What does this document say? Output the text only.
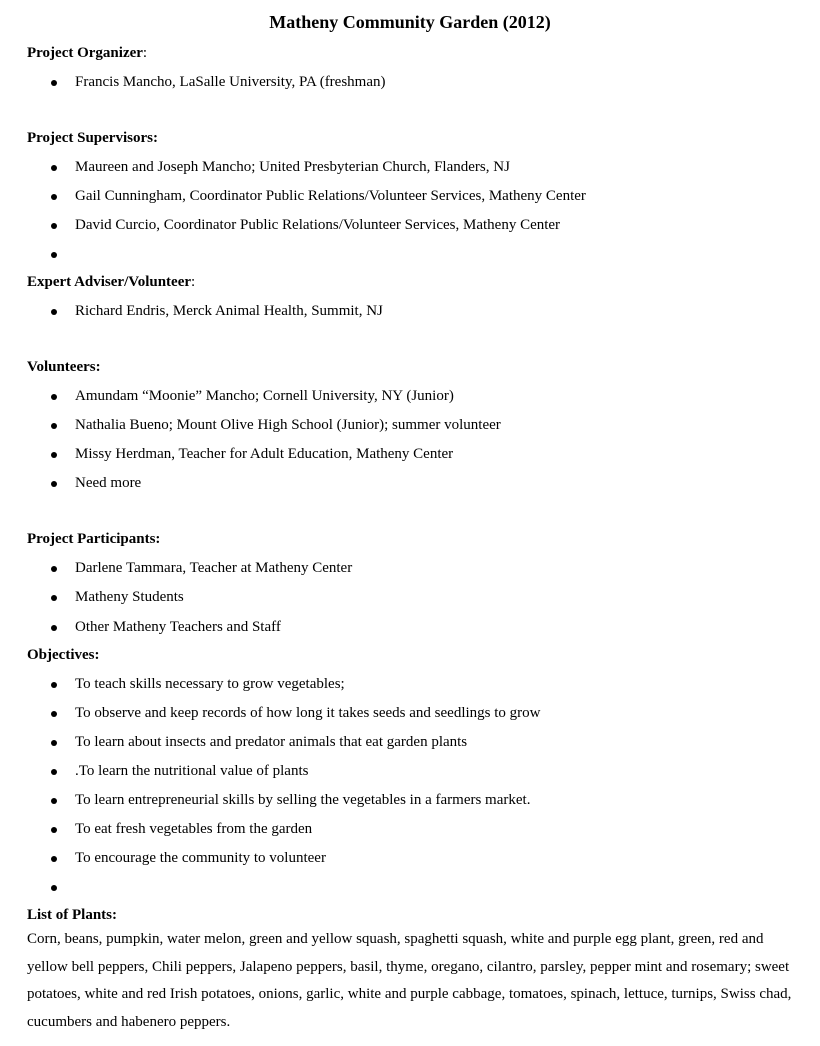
Matheny Community Garden (2012)
Project Organizer:
Francis Mancho, LaSalle University, PA (freshman)
Project Supervisors:
Maureen and Joseph Mancho; United Presbyterian Church, Flanders, NJ
Gail Cunningham, Coordinator Public Relations/Volunteer Services, Matheny Center
David Curcio, Coordinator Public Relations/Volunteer Services, Matheny Center
Expert Adviser/Volunteer:
Richard Endris, Merck Animal Health, Summit, NJ
Volunteers:
Amundam “Moonie” Mancho; Cornell University, NY (Junior)
Nathalia Bueno; Mount Olive High School (Junior); summer volunteer
Missy Herdman, Teacher for Adult Education, Matheny Center
Need more
Project Participants:
Darlene Tammara, Teacher at Matheny Center
Matheny Students
Other Matheny Teachers and Staff
Objectives:
To teach skills necessary to grow vegetables;
To observe and keep records of how long it takes seeds and seedlings to grow
To learn about insects and predator animals that eat garden plants
.To learn the nutritional value of plants
To learn entrepreneurial skills by selling the vegetables in a farmers market.
To eat fresh vegetables from the garden
To encourage the community to volunteer
List of Plants:
Corn, beans, pumpkin, water melon, green and yellow squash, spaghetti squash, white and purple egg plant, green, red and yellow bell peppers, Chili peppers, Jalapeno peppers, basil, thyme, oregano, cilantro, parsley, pepper mint and rosemary; sweet potatoes, white and red Irish potatoes, onions, garlic, white and purple cabbage, tomatoes, spinach, lettuce, turnips, Swiss chad, cucumbers and habenero peppers.
